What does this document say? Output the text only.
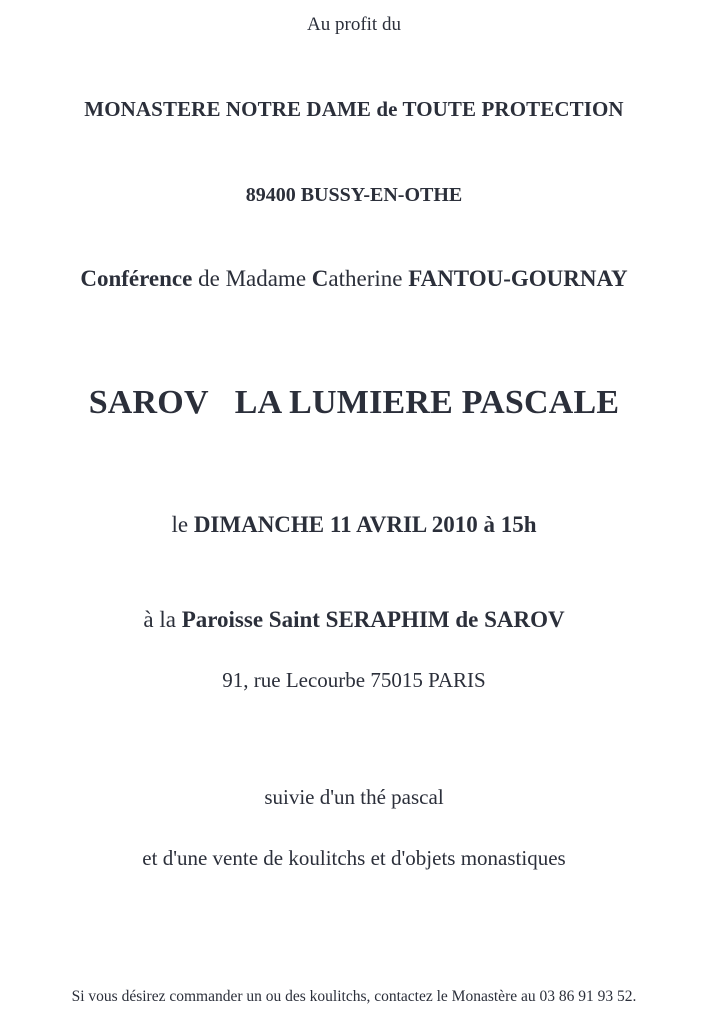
Au profit du
MONASTERE NOTRE DAME de TOUTE PROTECTION
89400 BUSSY-EN-OTHE
Conférence de Madame Catherine FANTOU-GOURNAY
SAROV LA LUMIERE PASCALE
le DIMANCHE 11 AVRIL 2010 à 15h
à la Paroisse Saint SERAPHIM de SAROV
91, rue Lecourbe 75015 PARIS
suivie d'un thé pascal
et d'une vente de koulitchs et d'objets monastiques
Si vous désirez commander un ou des koulitchs, contactez le Monastère au 03 86 91 93 52.
